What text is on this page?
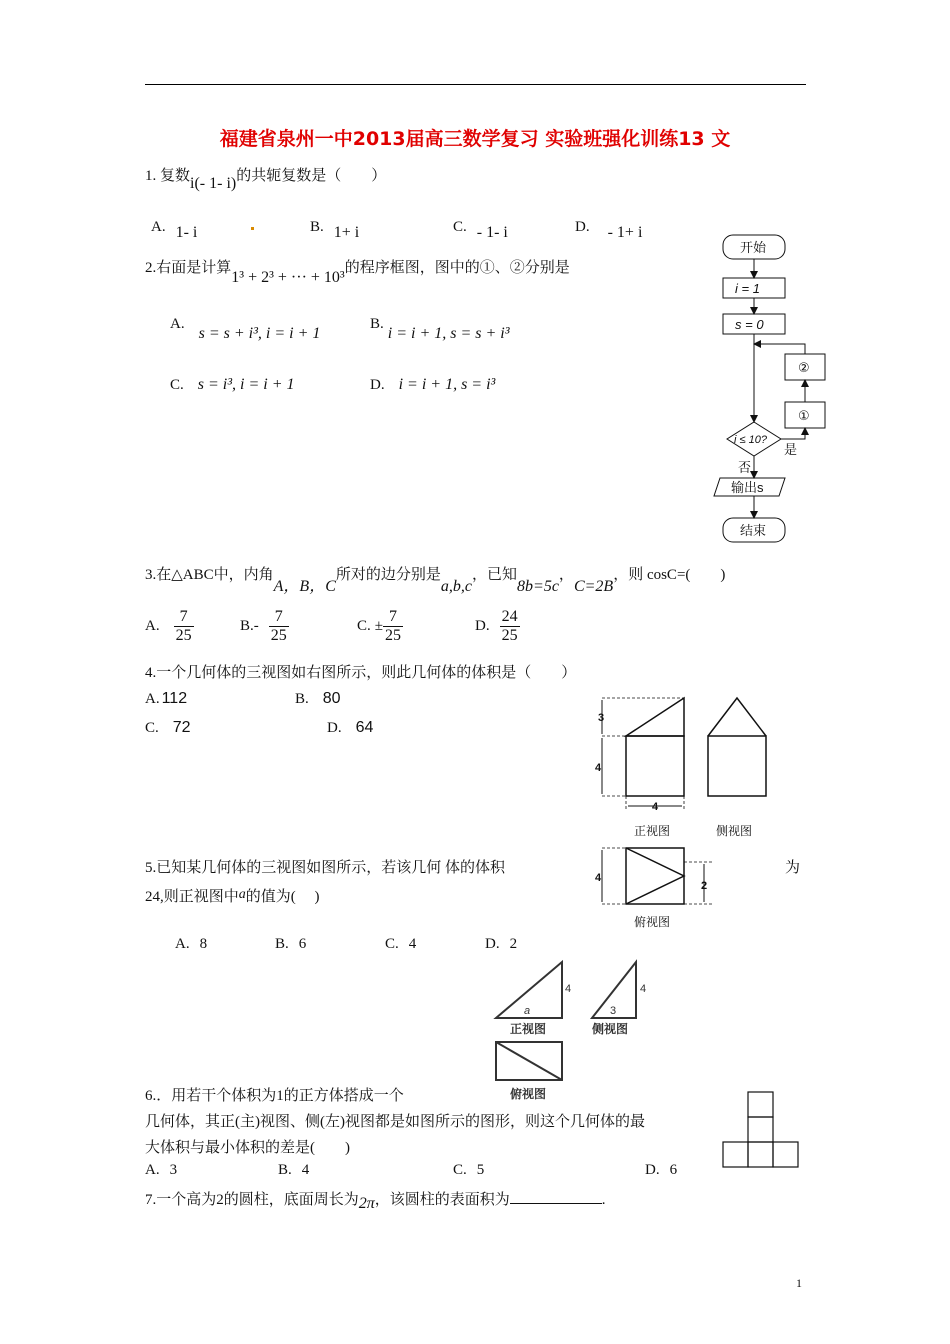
福建省泉州一中2013届高三数学复习 实验班强化训练13 文
1. 复数i(- 1- i)的共轭复数是（　　）
A. 1- i	B. 1+ i	C. - 1- i	D. - 1+ i
2.右面是计算1³ + 2³ + ··· + 10³的程序框图，图中的①、②分别是
A.s = s + i³, i = i + 1
B.i = i + 1, s = s + i³
C. s = i³, i = i + 1	D. i = i + 1, s = i³
开始
i = 1
s = 0
②
①
i ≤ 10?
是
否
输出s
结束
3.在△ABC中，内角A，B，C所对的边分别是a,b,c，已知8b=5c，C=2B，则 cosC=(　　)
A. $\frac{7}{25}$	$B.- \frac{7}{25}$	C. ± $\frac{7}{25}$	D. $\frac{24}{25}$
4.一个几何体的三视图如右图所示，则此几何体的体积是（　　）
A. 112	B. 80
C. 72	D. 64
3
4
4
正视图	侧视图
4
2
俯视图
5.已知某几何体的三视图如图所示，若该几何 体的体积	为
24,则正视图中a的值为(　 )
A. 8	B. 6	C. 4	D. 2
a
4
正视图
3
4
侧视图
俯视图
6.．用若干个体积为1的正方体搭成一个
几何体，其正(主)视图、侧(左)视图都是如图所示的图形，则这个几何体的最
大体积与最小体积的差是(　　)
A. 3	B. 4	C. 5	D. 6
7.一个高为2的圆柱，底面周长为2π，该圆柱的表面积为	.
1
